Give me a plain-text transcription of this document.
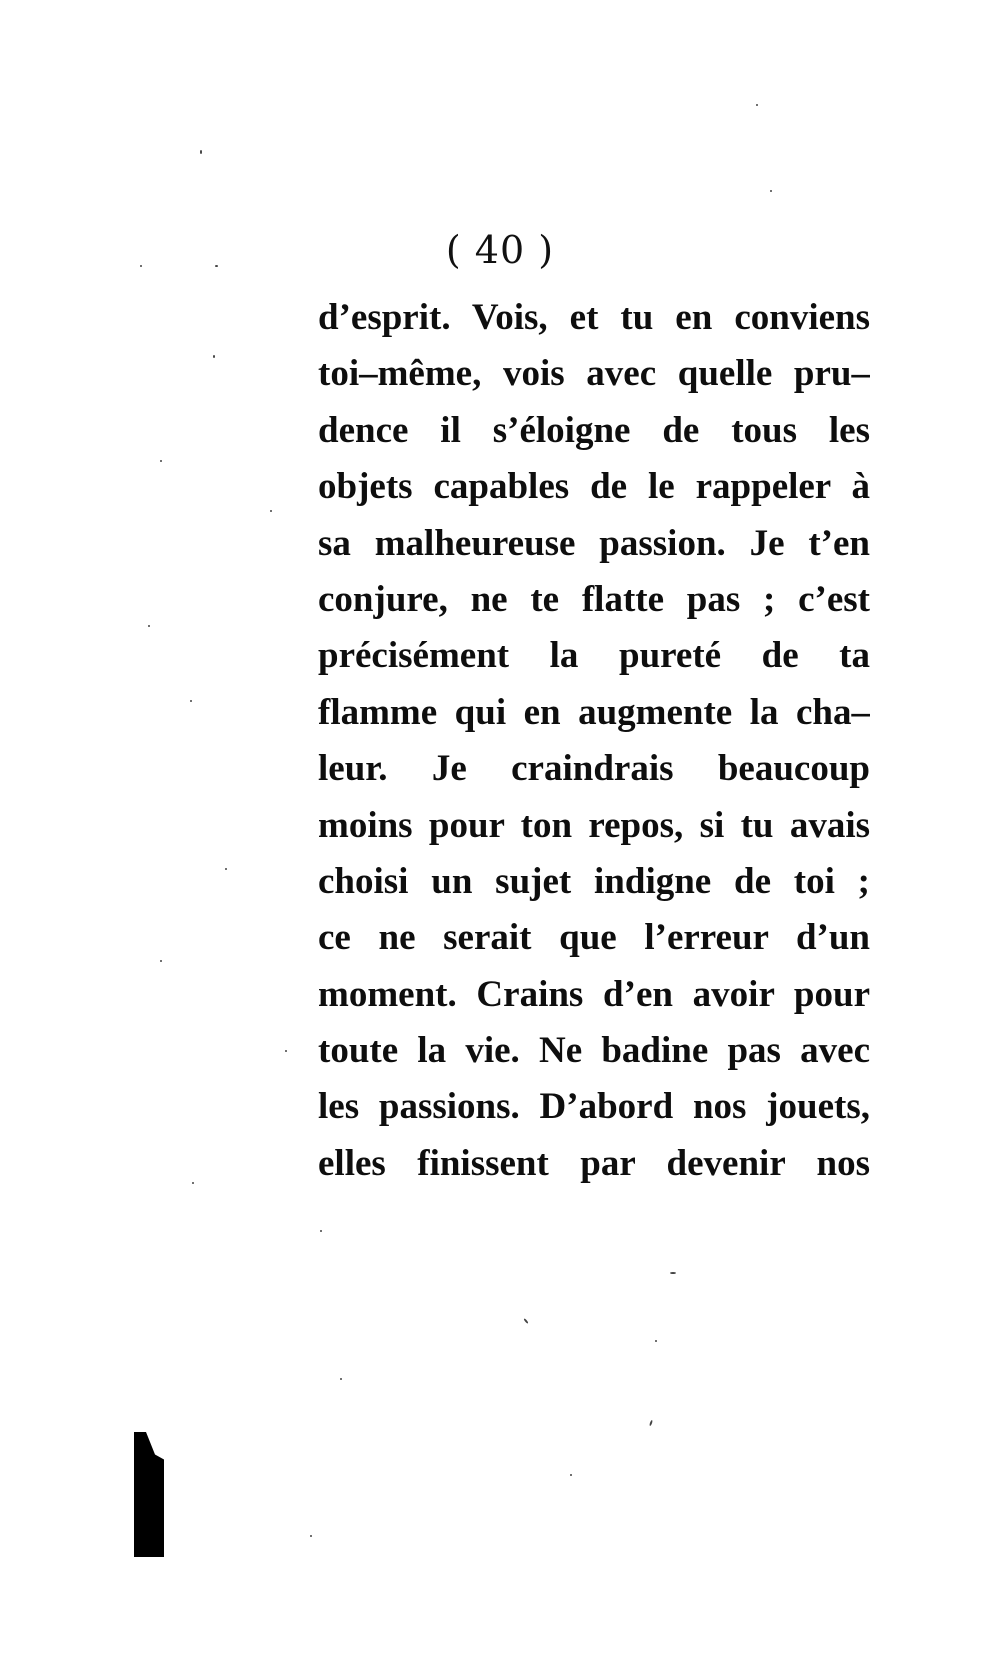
( 40 )
d’esprit. Vois, et tu en conviens
toi–même, vois avec quelle pru–
dence il s’éloigne de tous les
objets capables de le rappeler à
sa malheureuse passion. Je t’en
conjure, ne te flatte pas ; c’est
précisément la pureté de ta
flamme qui en augmente la cha–
leur. Je craindrais beaucoup
moins pour ton repos, si tu avais
choisi un sujet indigne de toi ;
ce ne serait que l’erreur d’un
moment. Crains d’en avoir pour
toute la vie. Ne badine pas avec
les passions. D’abord nos jouets,
elles finissent par devenir nos
